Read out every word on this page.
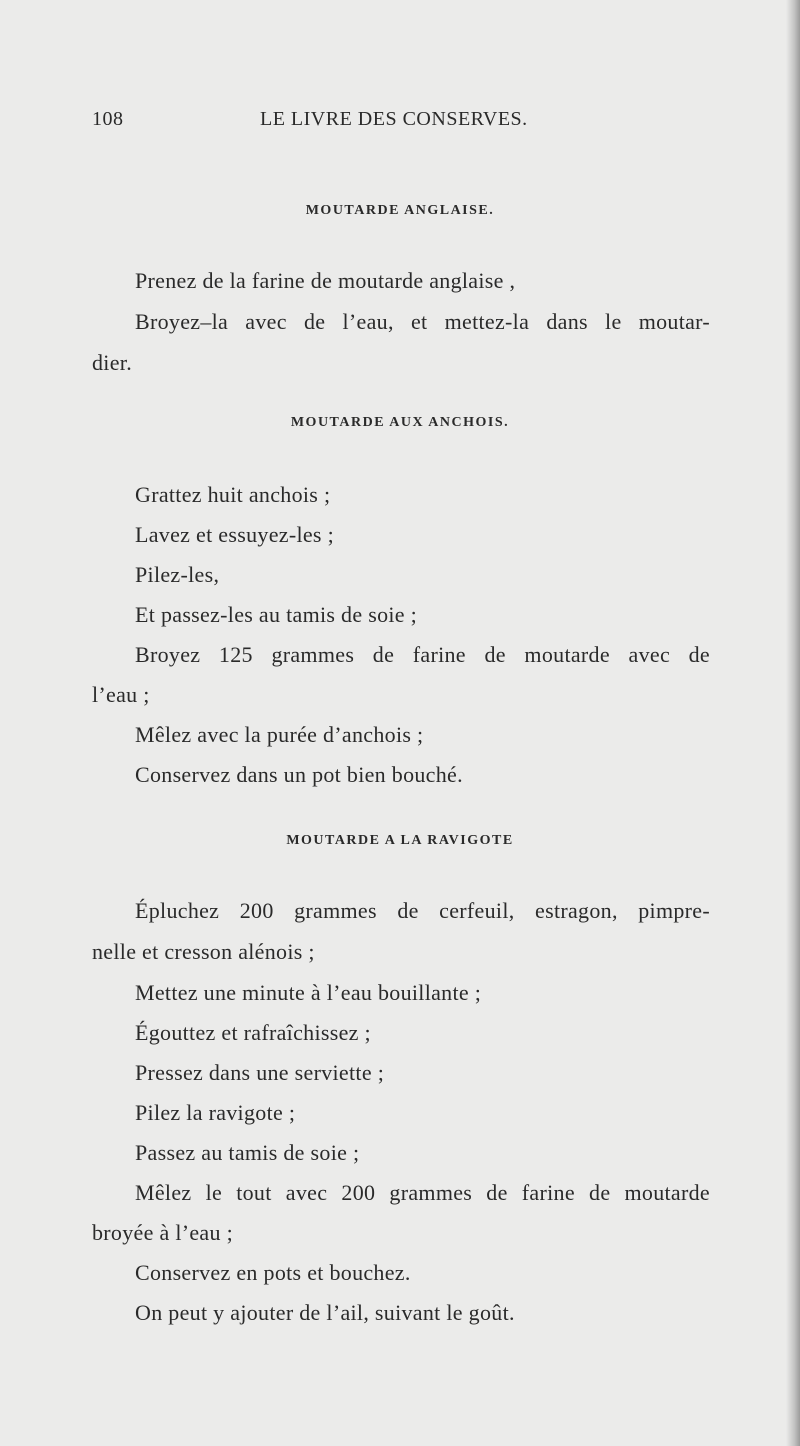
108	LE LIVRE DES CONSERVES.
MOUTARDE ANGLAISE.
Prenez de la farine de moutarde anglaise ,
Broyez–la avec de l’eau, et mettez-la dans le moutar-
dier.
MOUTARDE AUX ANCHOIS.
Grattez huit anchois ;
Lavez et essuyez-les ;
Pilez-les,
Et passez-les au tamis de soie ;
Broyez 125 grammes de farine de moutarde avec de
l’eau ;
Mêlez avec la purée d’anchois ;
Conservez dans un pot bien bouché.
MOUTARDE A LA RAVIGOTE
Épluchez 200 grammes de cerfeuil, estragon, pimpre-
nelle et cresson alénois ;
Mettez une minute à l’eau bouillante ;
Égouttez et rafraîchissez ;
Pressez dans une serviette ;
Pilez la ravigote ;
Passez au tamis de soie ;
Mêlez le tout avec 200 grammes de farine de moutarde
broyée à l’eau ;
Conservez en pots et bouchez.
On peut y ajouter de l’ail, suivant le goût.
